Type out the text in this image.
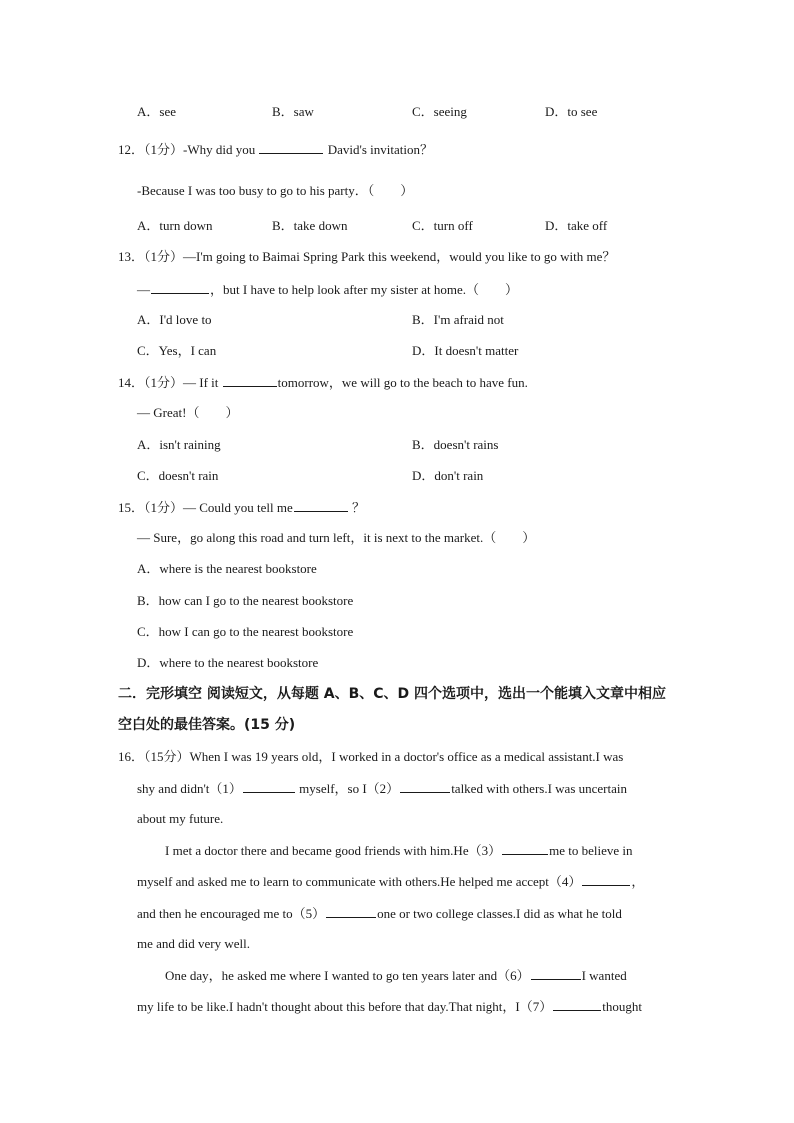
A．see	B．saw	C．seeing	D．to see
12．（1分）-Why did you	David's invitation？
-Because I was too busy to go to his party．（　　）
A．turn down	B．take down	C．turn off	D．take off
13．（1分）—I'm going to Baimai Spring Park this weekend，would you like to go with me？
—	，but I have to help look after my sister at home.（　　）
A．I'd love to	B．I'm afraid not
C．Yes，I can	D．It doesn't matter
14．（1分）— If it	tomorrow，we will go to the beach to have fun.
— Great!（　　）
A．isn't raining	B．doesn't rains
C．doesn't rain	D．don't rain
15．（1分）— Could you tell me	？
— Sure，go along this road and turn left，it is next to the market.（　　）
A．where is the nearest bookstore
B．how can I go to the nearest bookstore
C．how I can go to the nearest bookstore
D．where to the nearest bookstore
二．完形填空 阅读短文，从每题 A、B、C、D 四个选项中，选出一个能填入文章中相应
空白处的最佳答案。(15 分)
16．（15分）When I was 19 years old，I worked in a doctor's office as a medical assistant.I was
shy and didn't（1）	myself，so I（2）	talked with others.I was uncertain
about my future.
I met a doctor there and became good friends with him.He（3）	me to believe in
myself and asked me to learn to communicate with others.He helped me accept（4）	，
and then he encouraged me to（5）	one or two college classes.I did as what he told
me and did very well.
One day，he asked me where I wanted to go ten years later and（6）	I wanted
my life to be like.I hadn't thought about this before that day.That night，I（7）	thought
